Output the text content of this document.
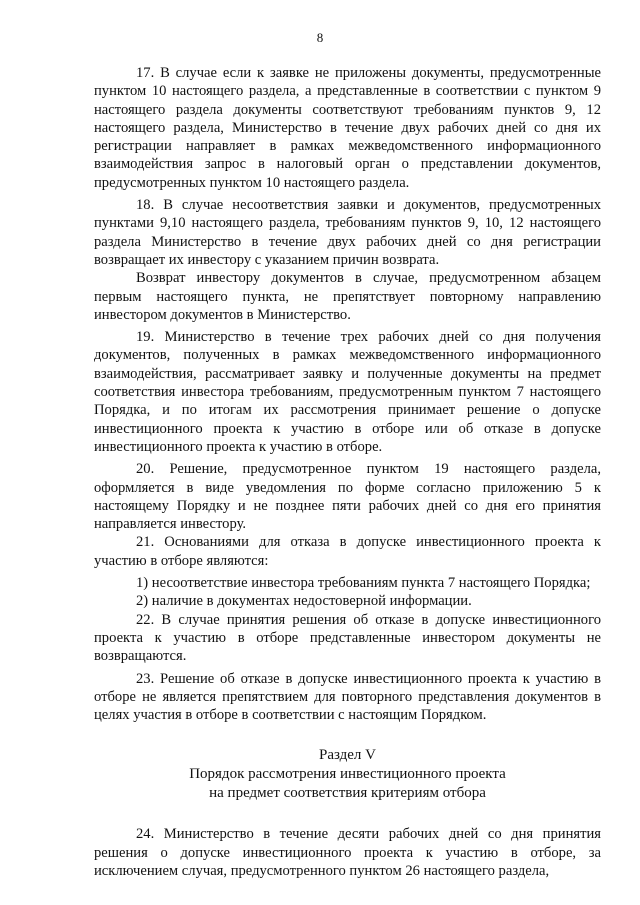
8

17. В случае если к заявке не приложены документы, предусмотренные пунктом 10 настоящего раздела, а представленные в соответствии с пунктом 9 настоящего раздела документы соответствуют требованиям пунктов 9, 12 настоящего раздела, Министерство в течение двух рабочих дней со дня их регистрации направляет в рамках межведомственного информационного взаимодействия запрос в налоговый орган о представлении документов, предусмотренных пунктом 10 настоящего раздела.

18. В случае несоответствия заявки и документов, предусмотренных пунктами 9,10 настоящего раздела, требованиям пунктов 9, 10, 12 настоящего раздела Министерство в течение двух рабочих дней со дня регистрации возвращает их инвестору с указанием причин возврата.

Возврат инвестору документов в случае, предусмотренном абзацем первым настоящего пункта, не препятствует повторному направлению инвестором документов в Министерство.

19. Министерство в течение трех рабочих дней со дня получения документов, полученных в рамках межведомственного информационного взаимодействия, рассматривает заявку и полученные документы на предмет соответствия инвестора требованиям, предусмотренным пунктом 7 настоящего Порядка, и по итогам их рассмотрения принимает решение о допуске инвестиционного проекта к участию в отборе или об отказе в допуске инвестиционного проекта к участию в отборе.

20. Решение, предусмотренное пунктом 19 настоящего раздела, оформляется в виде уведомления по форме согласно приложению 5 к настоящему Порядку и не позднее пяти рабочих дней со дня его принятия направляется инвестору.

21. Основаниями для отказа в допуске инвестиционного проекта к участию в отборе являются:

1) несоответствие инвестора требованиям пункта 7 настоящего Порядка;

2) наличие в документах недостоверной информации.

22. В случае принятия решения об отказе в допуске инвестиционного проекта к участию в отборе представленные инвестором документы не возвращаются.

23. Решение об отказе в допуске инвестиционного проекта к участию в отборе не является препятствием для повторного представления документов в целях участия в отборе в соответствии с настоящим Порядком.

Раздел V
Порядок рассмотрения инвестиционного проекта
на предмет соответствия критериям отбора

24. Министерство в течение десяти рабочих дней со дня принятия решения о допуске инвестиционного проекта к участию в отборе, за исключением случая, предусмотренного пунктом 26 настоящего раздела,
